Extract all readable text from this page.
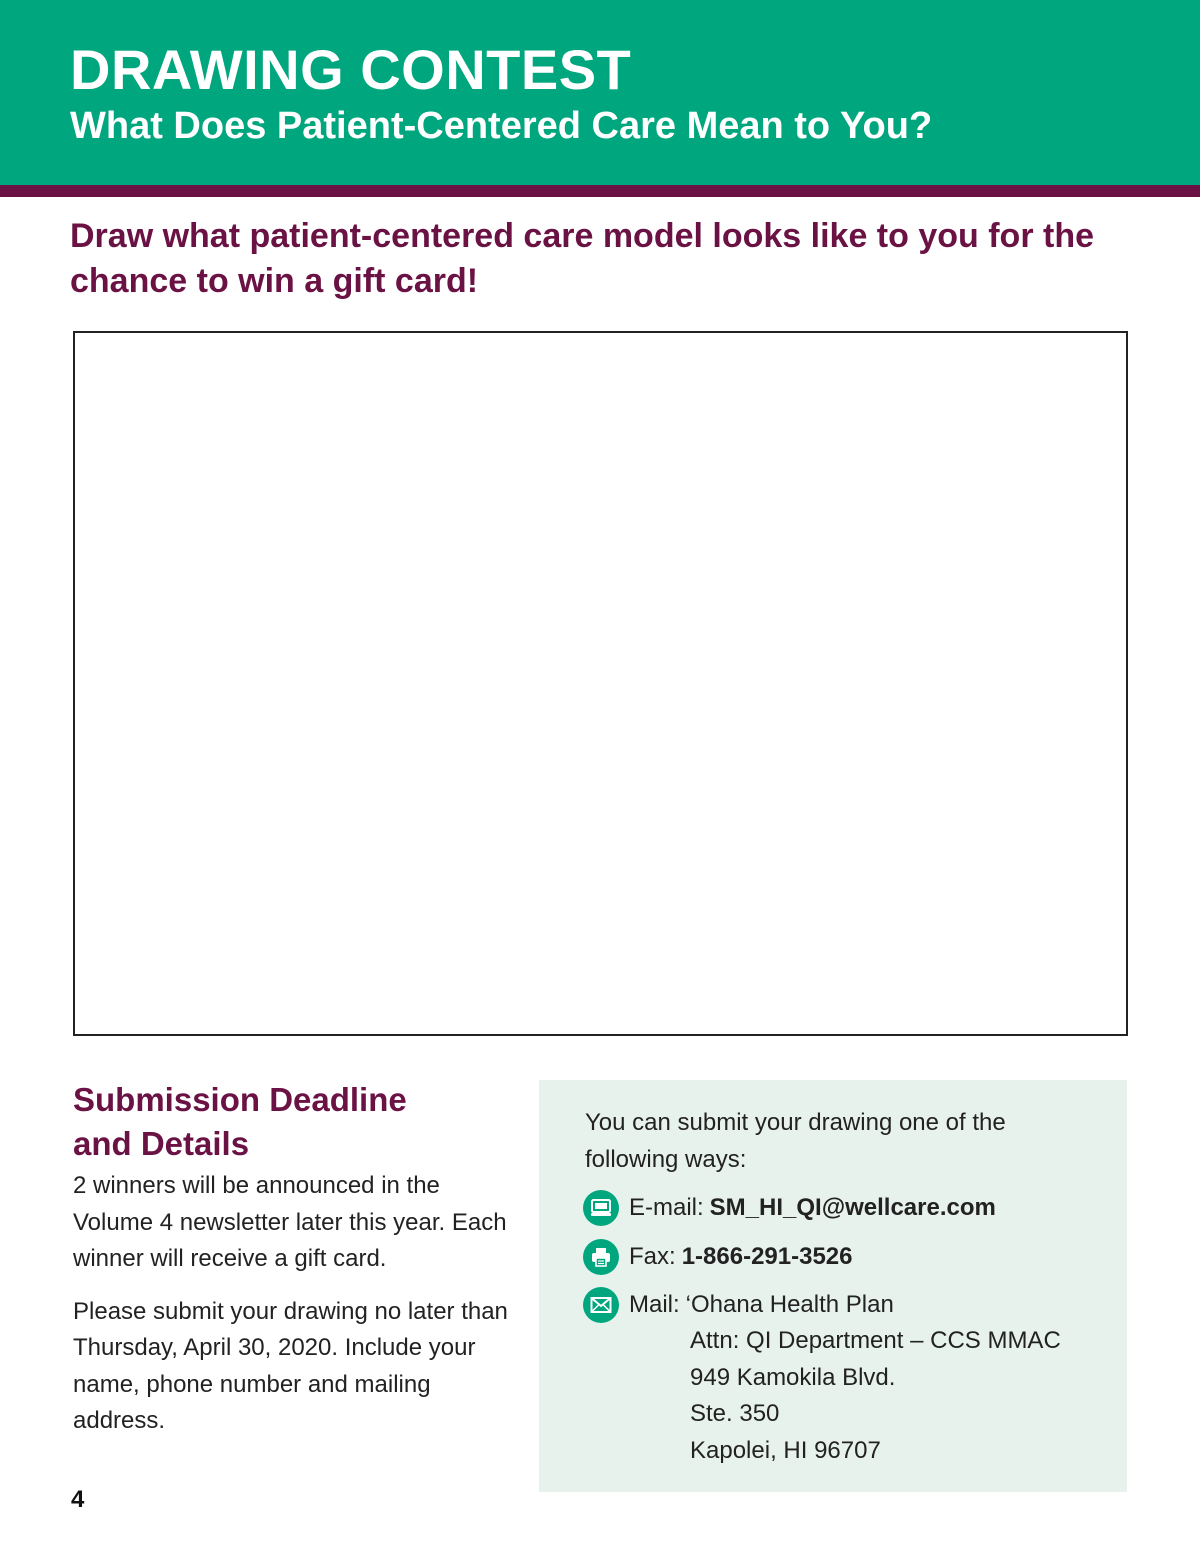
DRAWING CONTEST
What Does Patient-Centered Care Mean to You?

Draw what patient-centered care model looks like to you for the chance to win a gift card!

Submission Deadline
and Details

2 winners will be announced in the Volume 4 newsletter later this year. Each winner will receive a gift card.

Please submit your drawing no later than Thursday, April 30, 2020. Include your name, phone number and mailing address.

You can submit your drawing one of the following ways:

E-mail: SM_HI_QI@wellcare.com
Fax: 1-866-291-3526
Mail: ‘Ohana Health Plan
Attn: QI Department – CCS MMAC
949 Kamokila Blvd.
Ste. 350
Kapolei, HI 96707
4
